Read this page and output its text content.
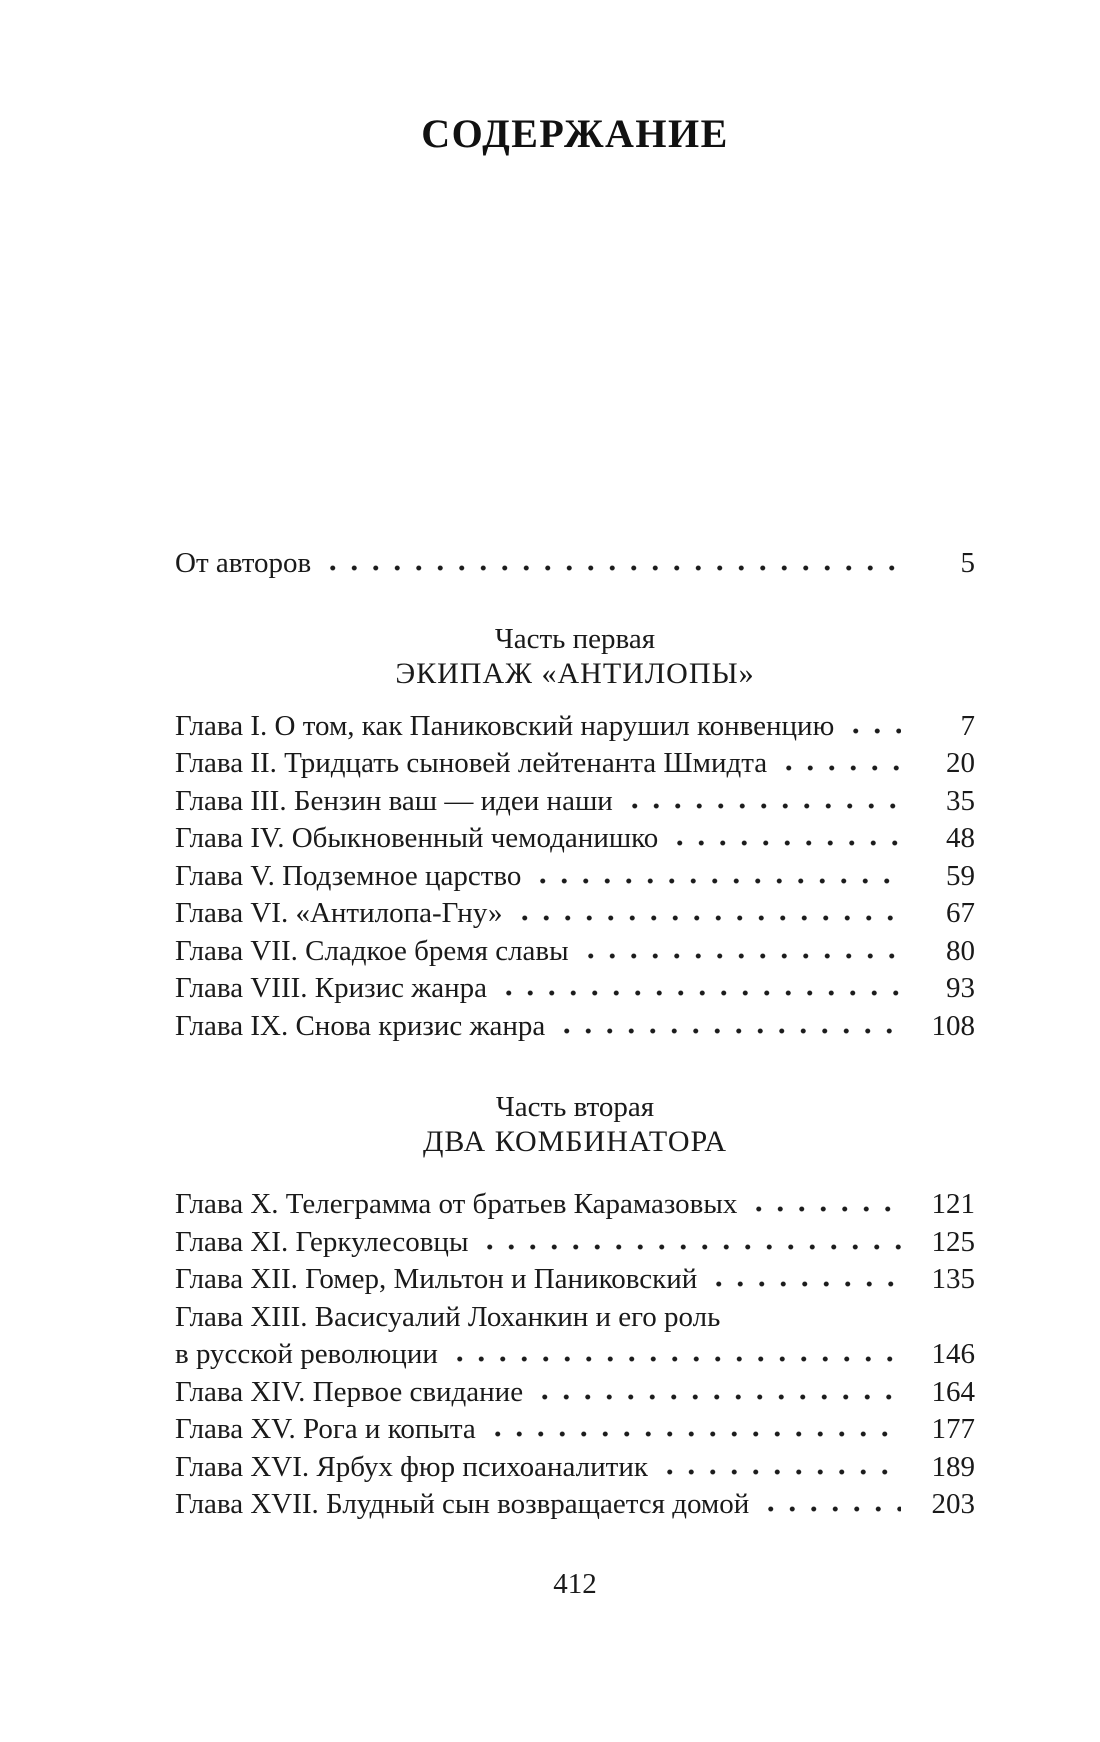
СОДЕРЖАНИЕ
От авторов	5
Часть первая
ЭКИПАЖ «АНТИЛОПЫ»
Глава I. О том, как Паниковский нарушил конвенцию	7
Глава II. Тридцать сыновей лейтенанта Шмидта	20
Глава III. Бензин ваш — идеи наши	35
Глава IV. Обыкновенный чемоданишко	48
Глава V. Подземное царство	59
Глава VI. «Антилопа-Гну»	67
Глава VII. Сладкое бремя славы	80
Глава VIII. Кризис жанра	93
Глава IX. Снова кризис жанра	108
Часть вторая
ДВА КОМБИНАТОРА
Глава X. Телеграмма от братьев Карамазовых	121
Глава XI. Геркулесовцы	125
Глава XII. Гомер, Мильтон и Паниковский	135
Глава XIII. Васисуалий Лоханкин и его роль
в русской революции	146
Глава XIV. Первое свидание	164
Глава XV. Рога и копыта	177
Глава XVI. Ярбух фюр психоаналитик	189
Глава XVII. Блудный сын возвращается домой	203
412
